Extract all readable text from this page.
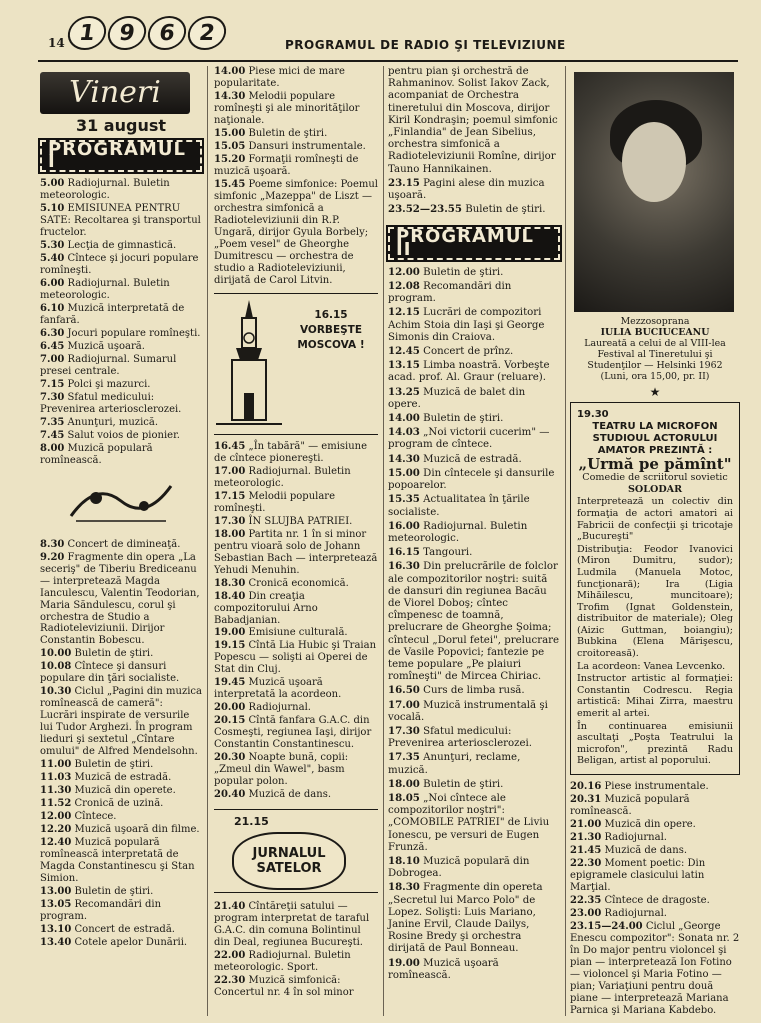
14 1 9 6 2	PROGRAMUL DE RADIO ŞI TELEVIZIUNE
Vineri
31 august
PROGRAMUL I
5.00 Radiojurnal. Buletin meteorologic.
5.10 EMISIUNEA PENTRU SATE: Recoltarea şi transportul fructelor.
5.30 Lecţia de gimnastică.
5.40 Cîntece şi jocuri populare romîneşti.
6.00 Radiojurnal. Buletin meteorologic.
6.10 Muzică interpretată de fanfară.
6.30 Jocuri populare romîneşti.
6.45 Muzică uşoară.
7.00 Radiojurnal. Sumarul presei centrale.
7.15 Polci şi mazurci.
7.30 Sfatul medicului: Prevenirea arteriosclerozei.
7.35 Anunţuri, muzică.
7.45 Salut voios de pionier.
8.00 Muzică populară romînească.
8.30 Concert de dimineaţă.
9.20 Fragmente din opera „La seceriş" de Tiberiu Brediceanu — interpretează Magda Ianculescu, Valentin Teodorian, Maria Săndulescu, corul şi orchestra de Studio a Radioteleviziunii. Dirijor Constantin Bobescu.
10.00 Buletin de ştiri.
10.08 Cîntece şi dansuri populare din ţări socialiste.
10.30 Ciclul „Pagini din muzica romînească de cameră": Lucrări inspirate de versurile lui Tudor Arghezi. În program lieduri şi sextetul „Cîntare omului" de Alfred Mendelsohn.
11.00 Buletin de ştiri.
11.03 Muzică de estradă.
11.30 Muzică din operete.
11.52 Cronică de uzină.
12.00 Cîntece.
12.20 Muzică uşoară din filme.
12.40 Muzică populară romînească interpretată de Magda Constantinescu şi Stan Simion.
13.00 Buletin de ştiri.
13.05 Recomandări din program.
13.10 Concert de estradă.
13.40 Cotele apelor Dunării.
14.00 Piese mici de mare popularitate.
14.30 Melodii populare romîneşti şi ale minorităţilor naţionale.
15.00 Buletin de ştiri.
15.05 Dansuri instrumentale.
15.20 Formaţii romîneşti de muzică uşoară.
15.45 Poeme simfonice: Poemul simfonic „Mazeppa" de Liszt — orchestra simfonică a Radioteleviziunii din R.P. Ungară, dirijor Gyula Borbely; „Poem vesel" de Gheorghe Dumitrescu — orchestra de studio a Radioteleviziunii, dirijată de Carol Litvin.
16.15 VORBEŞTE MOSCOVA !
16.45 „În tabără" — emisiune de cîntece pionereşti.
17.00 Radiojurnal. Buletin meteorologic.
17.15 Melodii populare romîneşti.
17.30 ÎN SLUJBA PATRIEI.
18.00 Partita nr. 1 în si minor pentru vioară solo de Johann Sebastian Bach — interpretează Yehudi Menuhin.
18.30 Cronică economică.
18.40 Din creaţia compozitorului Arno Babadjanian.
19.00 Emisiune culturală.
19.15 Cîntă Lia Hubic şi Traian Popescu — solişti ai Operei de Stat din Cluj.
19.45 Muzică uşoară interpretată la acordeon.
20.00 Radiojurnal.
20.15 Cîntă fanfara G.A.C. din Cosmeşti, regiunea Iaşi, dirijor Constantin Constantinescu.
20.30 Noapte bună, copii: „Zmeul din Wawel", basm popular polon.
20.40 Muzică de dans.
21.15
JURNALUL
SATELOR
21.40 Cîntăreţii satului — program interpretat de taraful G.A.C. din comuna Bolintinul din Deal, regiunea Bucureşti.
22.00 Radiojurnal. Buletin meteorologic. Sport.
22.30 Muzică simfonică: Concertul nr. 4 în sol minor
pentru pian şi orchestră de Rahmaninov. Solist Iakov Zack, acompaniat de Orchestra tineretului din Moscova, dirijor Kiril Kondraşin; poemul simfonic „Finlandia" de Jean Sibelius, orchestra simfonică a Radioteleviziunii Romîne, dirijor Tauno Hannikainen.
23.15 Pagini alese din muzica uşoară.
23.52—23.55 Buletin de ştiri.
PROGRAMUL II
12.00 Buletin de ştiri.
12.08 Recomandări din program.
12.15 Lucrări de compozitori Achim Stoia din Iaşi şi George Simonis din Craiova.
12.45 Concert de prînz.
13.15 Limba noastră. Vorbeşte acad. prof. Al. Graur (reluare).
13.25 Muzică de balet din opere.
14.00 Buletin de ştiri.
14.03 „Noi victorii cucerim" — program de cîntece.
14.30 Muzică de estradă.
15.00 Din cîntecele şi dansurile popoarelor.
15.35 Actualitatea în ţările socialiste.
16.00 Radiojurnal. Buletin meteorologic.
16.15 Tangouri.
16.30 Din prelucrările de folclor ale compozitorilor noştri: suită de dansuri din regiunea Bacău de Viorel Doboş; cîntec cîmpenesc de toamnă, prelucrare de Gheorghe Şoima; cîntecul „Dorul fetei", prelucrare de Vasile Popovici; fantezie pe teme populare „Pe plaiuri romîneşti" de Mircea Chiriac.
16.50 Curs de limba rusă.
17.00 Muzică instrumentală şi vocală.
17.30 Sfatul medicului: Prevenirea arteriosclerozei.
17.35 Anunţuri, reclame, muzică.
18.00 Buletin de ştiri.
18.05 „Noi cîntece ale compozitorilor noştri": „COMOBILE PATRIEI" de Liviu Ionescu, pe versuri de Eugen Frunză.
18.10 Muzică populară din Dobrogea.
18.30 Fragmente din opereta „Secretul lui Marco Polo" de Lopez. Solişti: Luis Mariano, Janine Ervil, Claude Dailys, Rosine Bredy şi orchestra dirijată de Paul Bonneau.
19.00 Muzică uşoară romînească.
Mezzosoprana
IULIA BUCIUCEANU
Laureată a celui de al VIII-lea Festival al Tineretului şi Studenţilor — Helsinki 1962
(Luni, ora 15,00, pr. II)
★
19.30
TEATRU LA MICROFON
STUDIOUL ACTORULUI
AMATOR PREZINTĂ :
„Urmă pe pămînt"
Comedie de scriitorul sovietic
SOLODAR
Interpretează un colectiv din formaţia de actori amatori ai Fabricii de confecţii şi tricotaje „Bucureşti"
Distribuţia: Feodor Ivanovici (Miron Dumitru, sudor); Ludmila (Manuela Motoc, funcţionară); Ira (Ligia Mihăilescu, muncitoare); Trofim (Ignat Goldenstein, distribuitor de materiale); Oleg (Aizic Guttman, boiangiu); Bubkina (Elena Mărişescu, croitoreasă).
La acordeon: Vanea Levcenko.
Instructor artistic al formaţiei: Constantin Codrescu. Regia artistică: Mihai Zirra, maestru emerit al artei.
În continuarea emisiunii ascultaţi „Poşta Teatrului la microfon", prezintă Radu Beligan, artist al poporului.
20.16 Piese instrumentale.
20.31 Muzică populară romînească.
21.00 Muzică din opere.
21.30 Radiojurnal.
21.45 Muzică de dans.
22.30 Moment poetic: Din epigramele clasicului latin Marţial.
22.35 Cîntece de dragoste.
23.00 Radiojurnal.
23.15—24.00 Ciclul „George Enescu compozitor": Sonata nr. 2 în Do major pentru violoncel şi pian — interpretează Ion Fotino — violoncel şi Maria Fotino — pian; Variaţiuni pentru două piane — interpretează Mariana Parnica şi Mariana Kabdebo.
